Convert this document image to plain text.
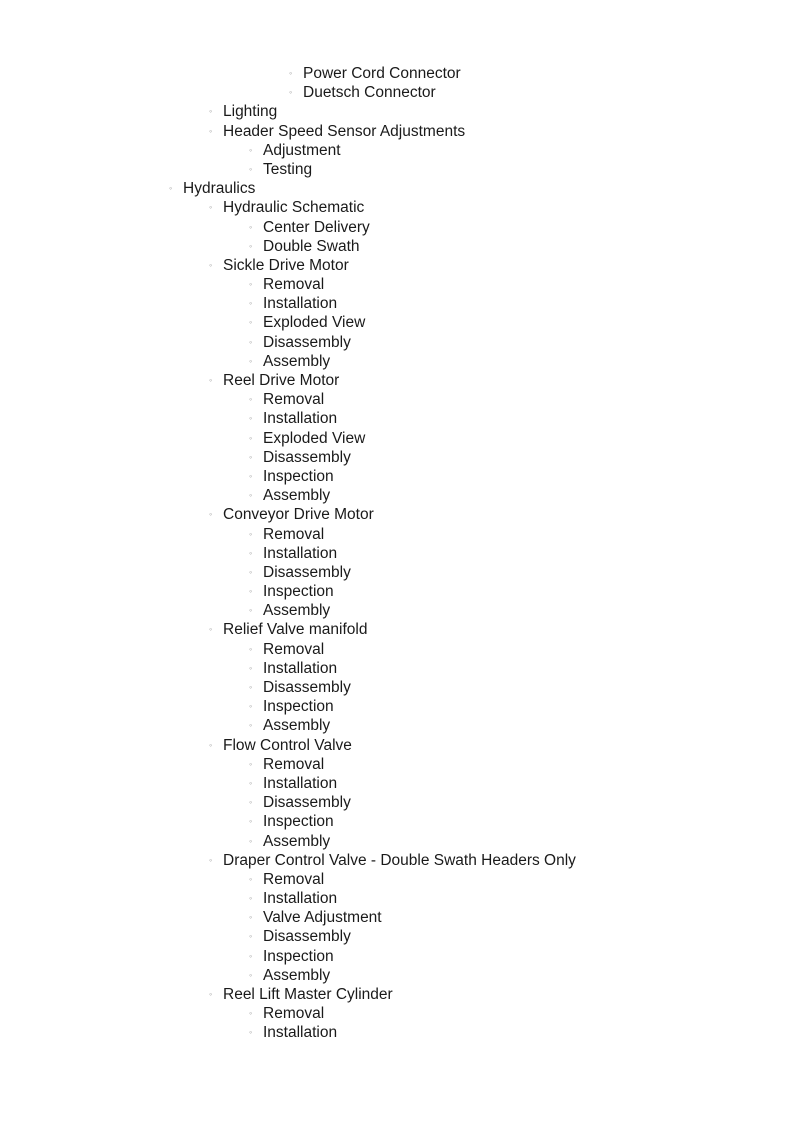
◦ Power Cord Connector
◦ Duetsch Connector
◦ Lighting
◦ Header Speed Sensor Adjustments
◦ Adjustment
◦ Testing
◦ Hydraulics
◦ Hydraulic Schematic
◦ Center Delivery
◦ Double Swath
◦ Sickle Drive Motor
◦ Removal
◦ Installation
◦ Exploded View
◦ Disassembly
◦ Assembly
◦ Reel Drive Motor
◦ Removal
◦ Installation
◦ Exploded View
◦ Disassembly
◦ Inspection
◦ Assembly
◦ Conveyor Drive Motor
◦ Removal
◦ Installation
◦ Disassembly
◦ Inspection
◦ Assembly
◦ Relief Valve manifold
◦ Removal
◦ Installation
◦ Disassembly
◦ Inspection
◦ Assembly
◦ Flow Control Valve
◦ Removal
◦ Installation
◦ Disassembly
◦ Inspection
◦ Assembly
◦ Draper Control Valve - Double Swath Headers Only
◦ Removal
◦ Installation
◦ Valve Adjustment
◦ Disassembly
◦ Inspection
◦ Assembly
◦ Reel Lift Master Cylinder
◦ Removal
◦ Installation
